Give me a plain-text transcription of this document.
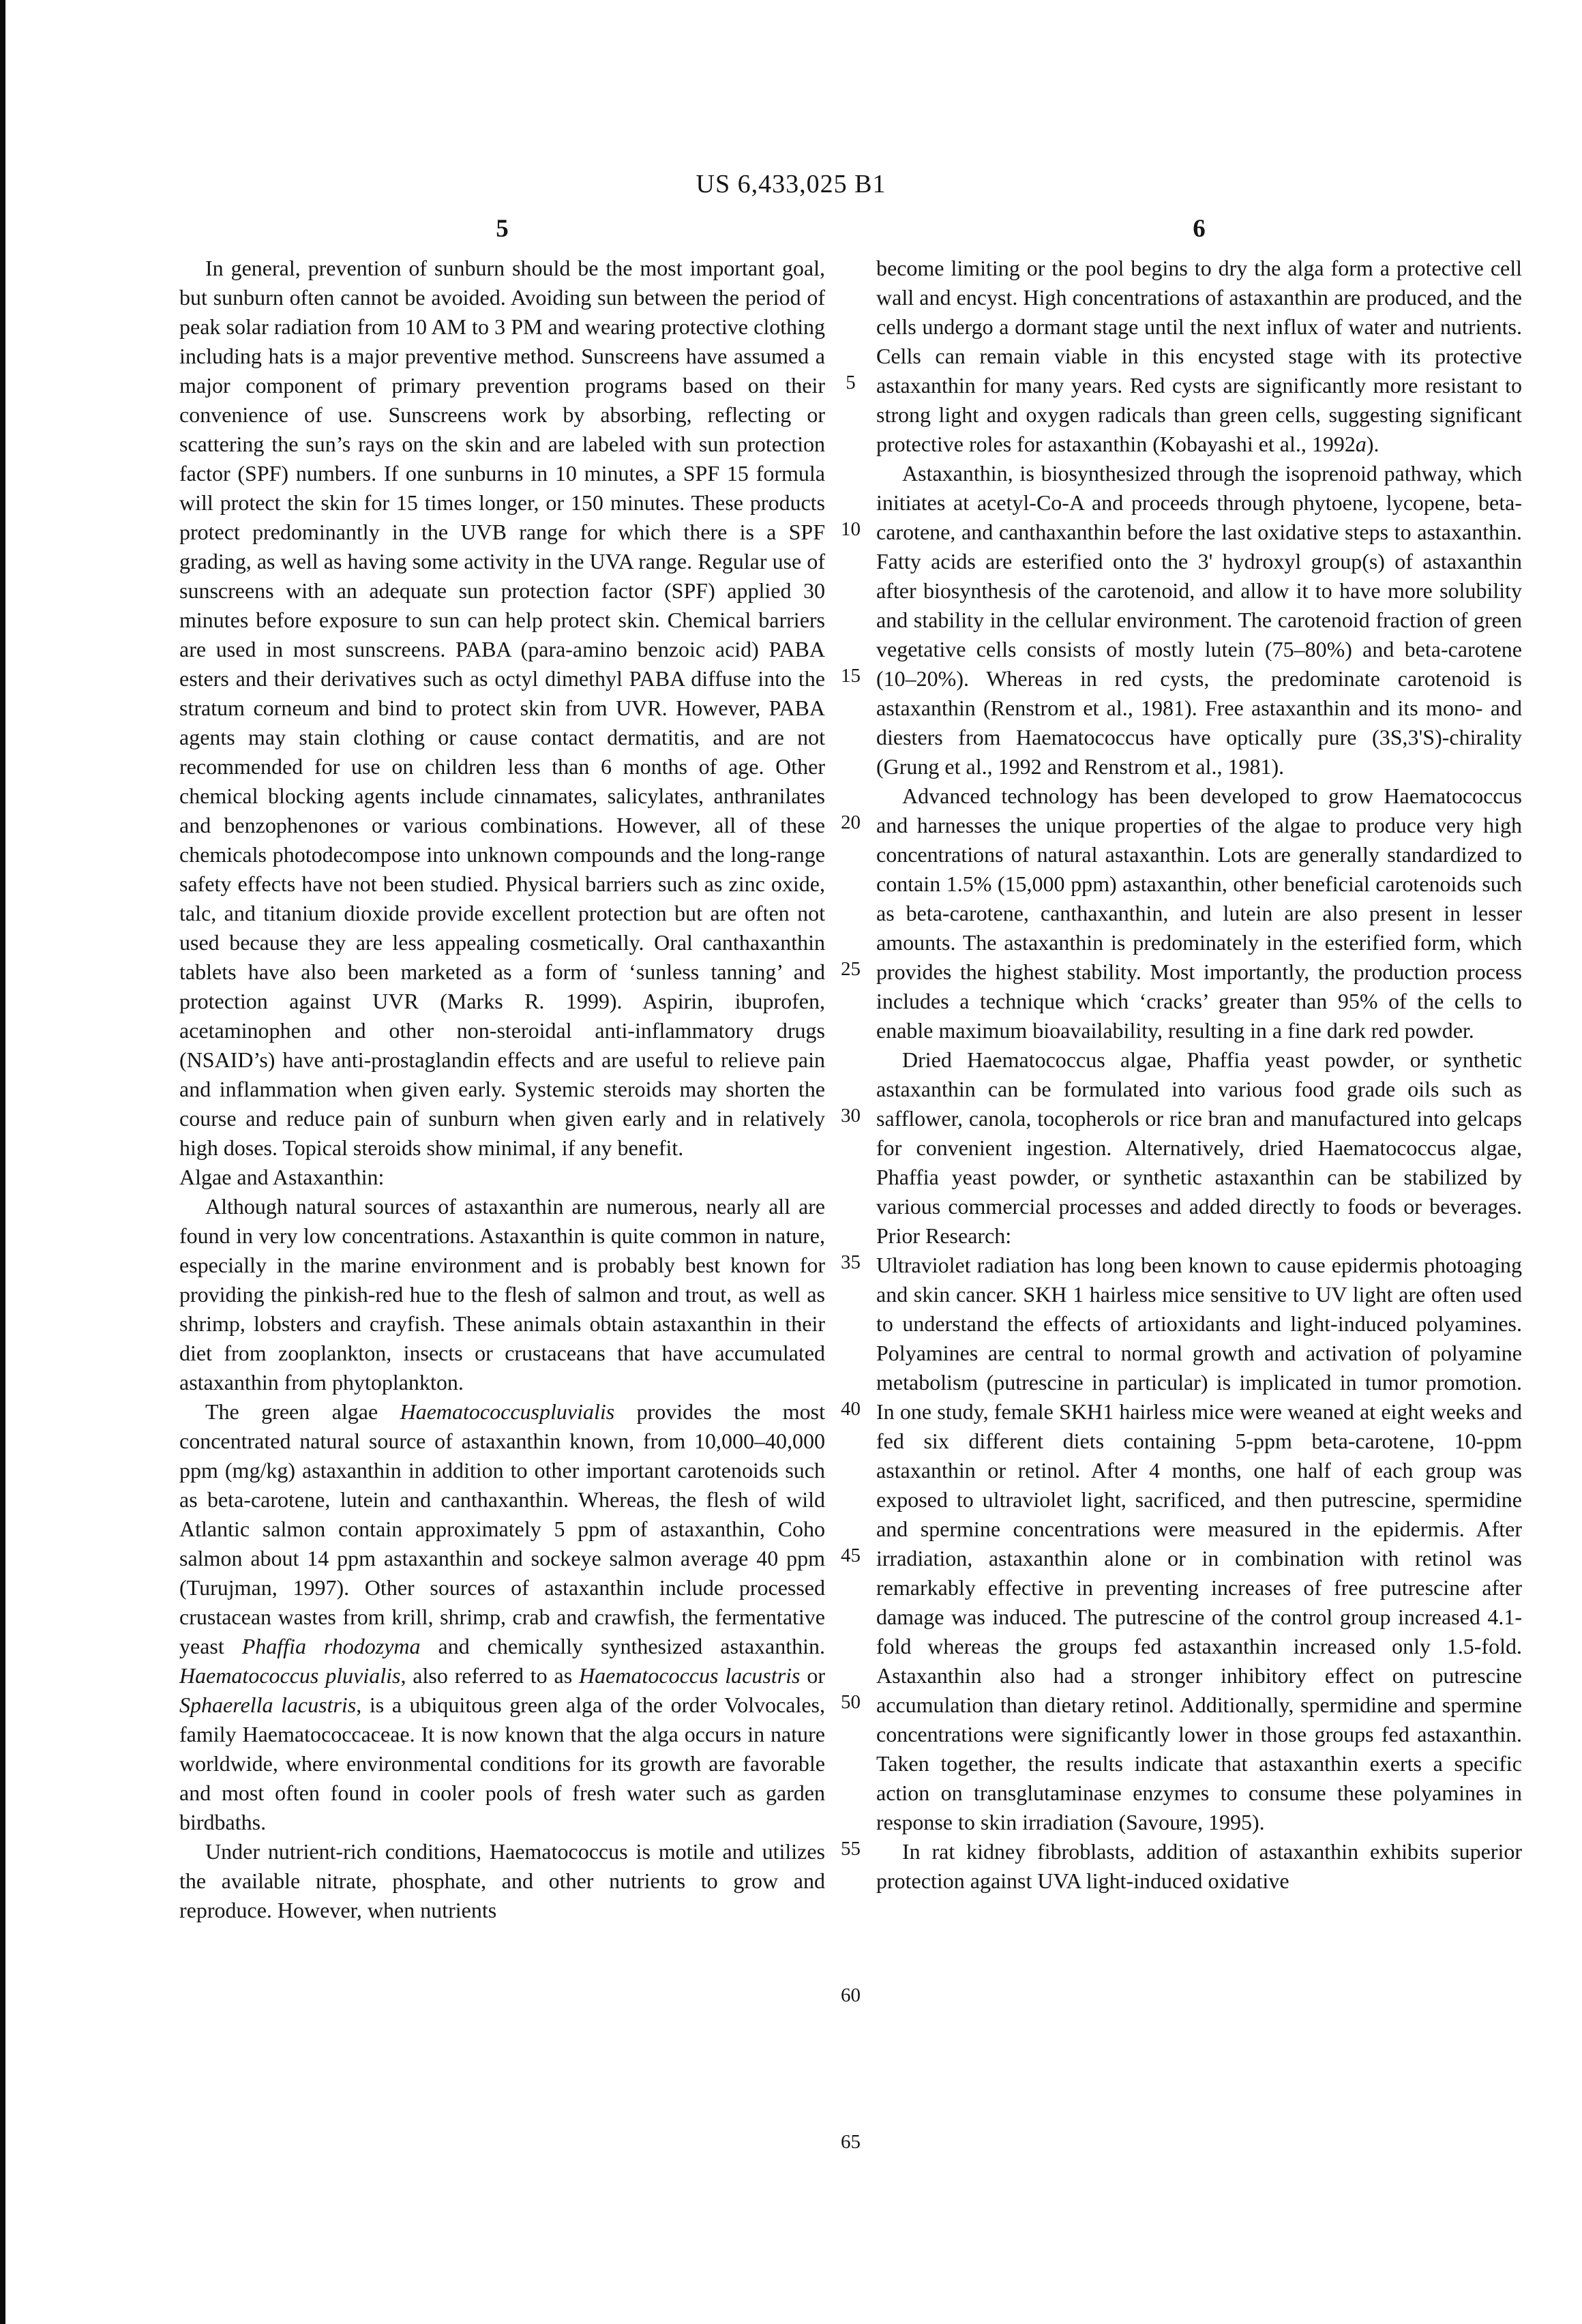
US 6,433,025 B1
5	6
5
10
15
20
25
30
35
40
45
50
55
60
65

In general, prevention of sunburn should be the most important goal, but sunburn often cannot be avoided. Avoiding sun between the period of peak solar radiation from 10 AM to 3 PM and wearing protective clothing including hats is a major preventive method. Sunscreens have assumed a major component of primary prevention programs based on their convenience of use. Sunscreens work by absorbing, reflecting or scattering the sun’s rays on the skin and are labeled with sun protection factor (SPF) numbers. If one sunburns in 10 minutes, a SPF 15 formula will protect the skin for 15 times longer, or 150 minutes. These products protect predominantly in the UVB range for which there is a SPF grading, as well as having some activity in the UVA range. Regular use of sunscreens with an adequate sun protection factor (SPF) applied 30 minutes before exposure to sun can help protect skin. Chemical barriers are used in most sunscreens. PABA (para-amino benzoic acid) PABA esters and their derivatives such as octyl dimethyl PABA diffuse into the stratum corneum and bind to protect skin from UVR. However, PABA agents may stain clothing or cause contact dermatitis, and are not recommended for use on children less than 6 months of age. Other chemical blocking agents include cinnamates, salicylates, anthranilates and benzophenones or various combinations. However, all of these chemicals photodecompose into unknown compounds and the long-range safety effects have not been studied. Physical barriers such as zinc oxide, talc, and titanium dioxide provide excellent protection but are often not used because they are less appealing cosmetically. Oral canthaxanthin tablets have also been marketed as a form of ‘sunless tanning’ and protection against UVR (Marks R. 1999). Aspirin, ibuprofen, acetaminophen and other non-steroidal anti-inflammatory drugs (NSAID’s) have anti-prostaglandin effects and are useful to relieve pain and inflammation when given early. Systemic steroids may shorten the course and reduce pain of sunburn when given early and in relatively high doses. Topical steroids show minimal, if any benefit.

Algae and Astaxanthin:

Although natural sources of astaxanthin are numerous, nearly all are found in very low concentrations. Astaxanthin is quite common in nature, especially in the marine environment and is probably best known for providing the pinkish-red hue to the flesh of salmon and trout, as well as shrimp, lobsters and crayfish. These animals obtain astaxanthin in their diet from zooplankton, insects or crustaceans that have accumulated astaxanthin from phytoplankton.

The green algae Haematococcuspluvialis provides the most concentrated natural source of astaxanthin known, from 10,000–40,000 ppm (mg/kg) astaxanthin in addition to other important carotenoids such as beta-carotene, lutein and canthaxanthin. Whereas, the flesh of wild Atlantic salmon contain approximately 5 ppm of astaxanthin, Coho salmon about 14 ppm astaxanthin and sockeye salmon average 40 ppm (Turujman, 1997). Other sources of astaxanthin include processed crustacean wastes from krill, shrimp, crab and crawfish, the fermentative yeast Phaffia rhodozyma and chemically synthesized astaxanthin. Haematococcus pluvialis, also referred to as Haematococcus lacustris or Sphaerella lacustris, is a ubiquitous green alga of the order Volvocales, family Haematococcaceae. It is now known that the alga occurs in nature worldwide, where environmental conditions for its growth are favorable and most often found in cooler pools of fresh water such as garden birdbaths.

Under nutrient-rich conditions, Haematococcus is motile and utilizes the available nitrate, phosphate, and other nutrients to grow and reproduce. However, when nutrients

become limiting or the pool begins to dry the alga form a protective cell wall and encyst. High concentrations of astaxanthin are produced, and the cells undergo a dormant stage until the next influx of water and nutrients. Cells can remain viable in this encysted stage with its protective astaxanthin for many years. Red cysts are significantly more resistant to strong light and oxygen radicals than green cells, suggesting significant protective roles for astaxanthin (Kobayashi et al., 1992a).

Astaxanthin, is biosynthesized through the isoprenoid pathway, which initiates at acetyl-Co-A and proceeds through phytoene, lycopene, beta-carotene, and canthaxanthin before the last oxidative steps to astaxanthin. Fatty acids are esterified onto the 3' hydroxyl group(s) of astaxanthin after biosynthesis of the carotenoid, and allow it to have more solubility and stability in the cellular environment. The carotenoid fraction of green vegetative cells consists of mostly lutein (75–80%) and beta-carotene (10–20%). Whereas in red cysts, the predominate carotenoid is astaxanthin (Renstrom et al., 1981). Free astaxanthin and its mono- and diesters from Haematococcus have optically pure (3S,3'S)-chirality (Grung et al., 1992 and Renstrom et al., 1981).

Advanced technology has been developed to grow Haematococcus and harnesses the unique properties of the algae to produce very high concentrations of natural astaxanthin. Lots are generally standardized to contain 1.5% (15,000 ppm) astaxanthin, other beneficial carotenoids such as beta-carotene, canthaxanthin, and lutein are also present in lesser amounts. The astaxanthin is predominately in the esterified form, which provides the highest stability. Most importantly, the production process includes a technique which ‘cracks’ greater than 95% of the cells to enable maximum bioavailability, resulting in a fine dark red powder.

Dried Haematococcus algae, Phaffia yeast powder, or synthetic astaxanthin can be formulated into various food grade oils such as safflower, canola, tocopherols or rice bran and manufactured into gelcaps for convenient ingestion. Alternatively, dried Haematococcus algae, Phaffia yeast powder, or synthetic astaxanthin can be stabilized by various commercial processes and added directly to foods or beverages. Prior Research:

Ultraviolet radiation has long been known to cause epidermis photoaging and skin cancer. SKH 1 hairless mice sensitive to UV light are often used to understand the effects of artioxidants and light-induced polyamines. Polyamines are central to normal growth and activation of polyamine metabolism (putrescine in particular) is implicated in tumor promotion. In one study, female SKH1 hairless mice were weaned at eight weeks and fed six different diets containing 5-ppm beta-carotene, 10-ppm astaxanthin or retinol. After 4 months, one half of each group was exposed to ultraviolet light, sacrificed, and then putrescine, spermidine and spermine concentrations were measured in the epidermis. After irradiation, astaxanthin alone or in combination with retinol was remarkably effective in preventing increases of free putrescine after damage was induced. The putrescine of the control group increased 4.1-fold whereas the groups fed astaxanthin increased only 1.5-fold. Astaxanthin also had a stronger inhibitory effect on putrescine accumulation than dietary retinol. Additionally, spermidine and spermine concentrations were significantly lower in those groups fed astaxanthin. Taken together, the results indicate that astaxanthin exerts a specific action on transglutaminase enzymes to consume these polyamines in response to skin irradiation (Savoure, 1995).

In rat kidney fibroblasts, addition of astaxanthin exhibits superior protection against UVA light-induced oxidative
